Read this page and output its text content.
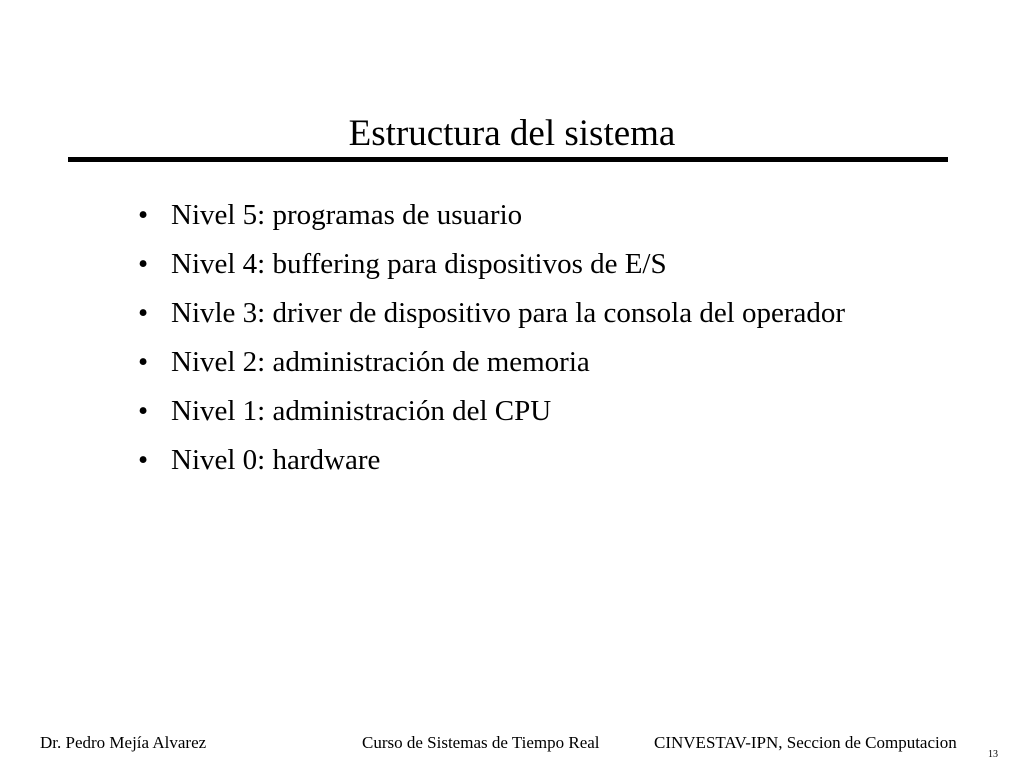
Estructura del sistema
• Nivel 5: programas de usuario
• Nivel 4: buffering para dispositivos de E/S
• Nivle 3: driver de dispositivo para la consola del operador
• Nivel 2: administración de memoria
• Nivel 1: administración del CPU
• Nivel 0: hardware
Dr. Pedro Mejía Alvarez	Curso de Sistemas de Tiempo Real	CINVESTAV-IPN, Seccion de Computacion
13
